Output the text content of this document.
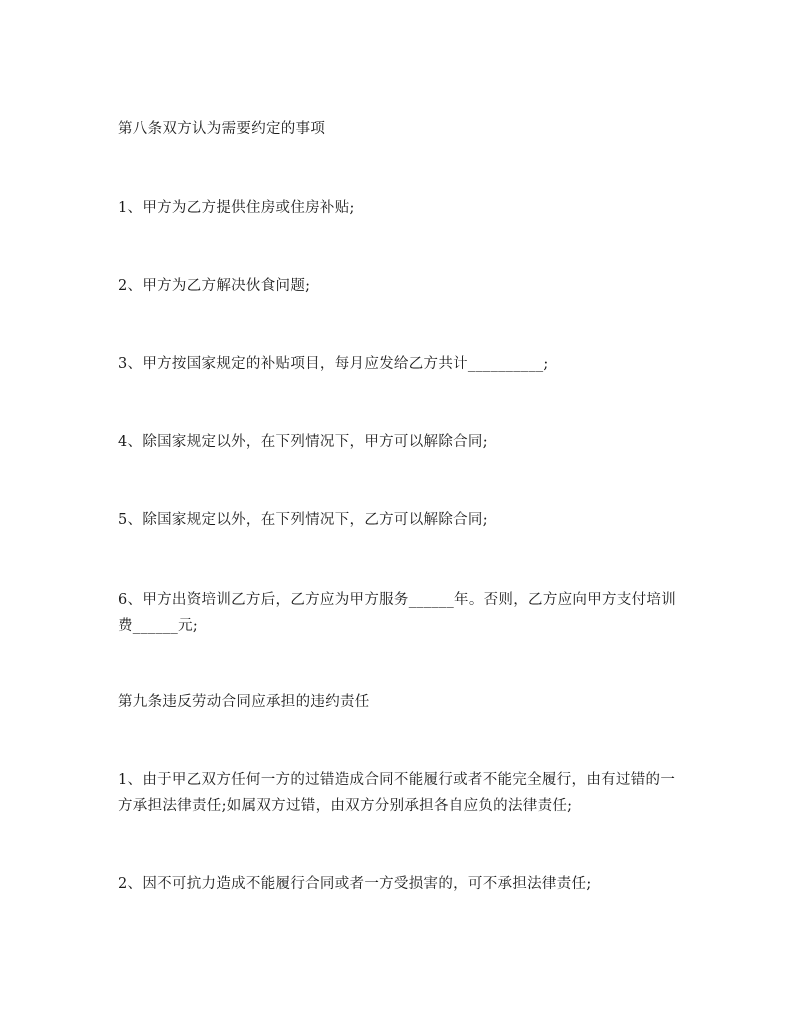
第八条双方认为需要约定的事项
1、甲方为乙方提供住房或住房补贴;
2、甲方为乙方解决伙食问题;
3、甲方按国家规定的补贴项目，每月应发给乙方共计__________;
4、除国家规定以外，在下列情况下，甲方可以解除合同;
5、除国家规定以外，在下列情况下，乙方可以解除合同;
6、甲方出资培训乙方后，乙方应为甲方服务______年。否则，乙方应向甲方支付培训费______元;
第九条违反劳动合同应承担的违约责任
1、由于甲乙双方任何一方的过错造成合同不能履行或者不能完全履行，由有过错的一方承担法律责任;如属双方过错，由双方分别承担各自应负的法律责任;
2、因不可抗力造成不能履行合同或者一方受损害的，可不承担法律责任;
